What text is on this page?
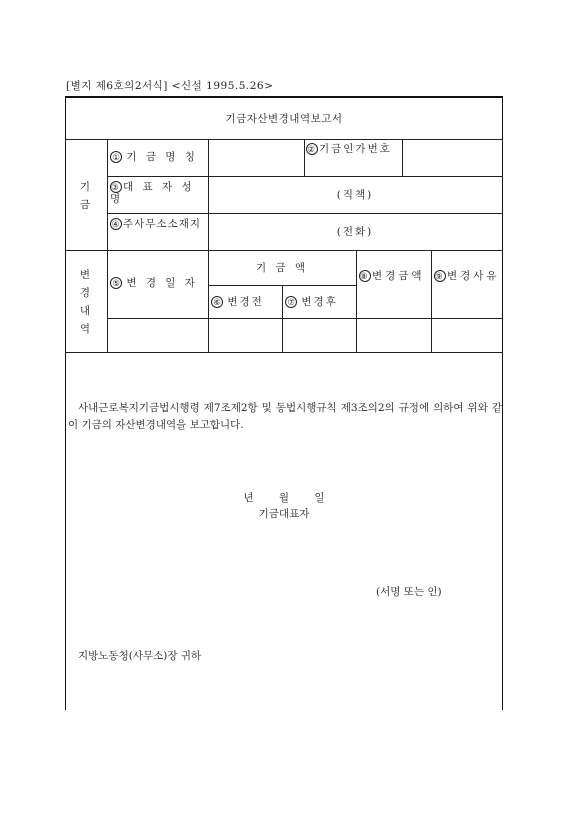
[별지 제6호의2서식] <신설 1995.5.26>
기금자산변경내역보고서
기금
① 기 금 명 칭
② 기금인가번호
③대 표 자 성 명	(직책)
④ 주사무소소재지
(전화)
변경내역
⑤ 변 경 일 자
기 금 액
⑥ 변경전	⑦ 변경후
⑧변경금액 ⑨변경사유
사내근로복지기금법시행령 제7조제2항 및 동법시행규칙 제3조의2의 규정에 의하여 위와 같이 기금의 자산변경내역을 보고합니다.
년 월 일
기금대표자
(서명 또는 인)
지방노동청(사무소)장 귀하
